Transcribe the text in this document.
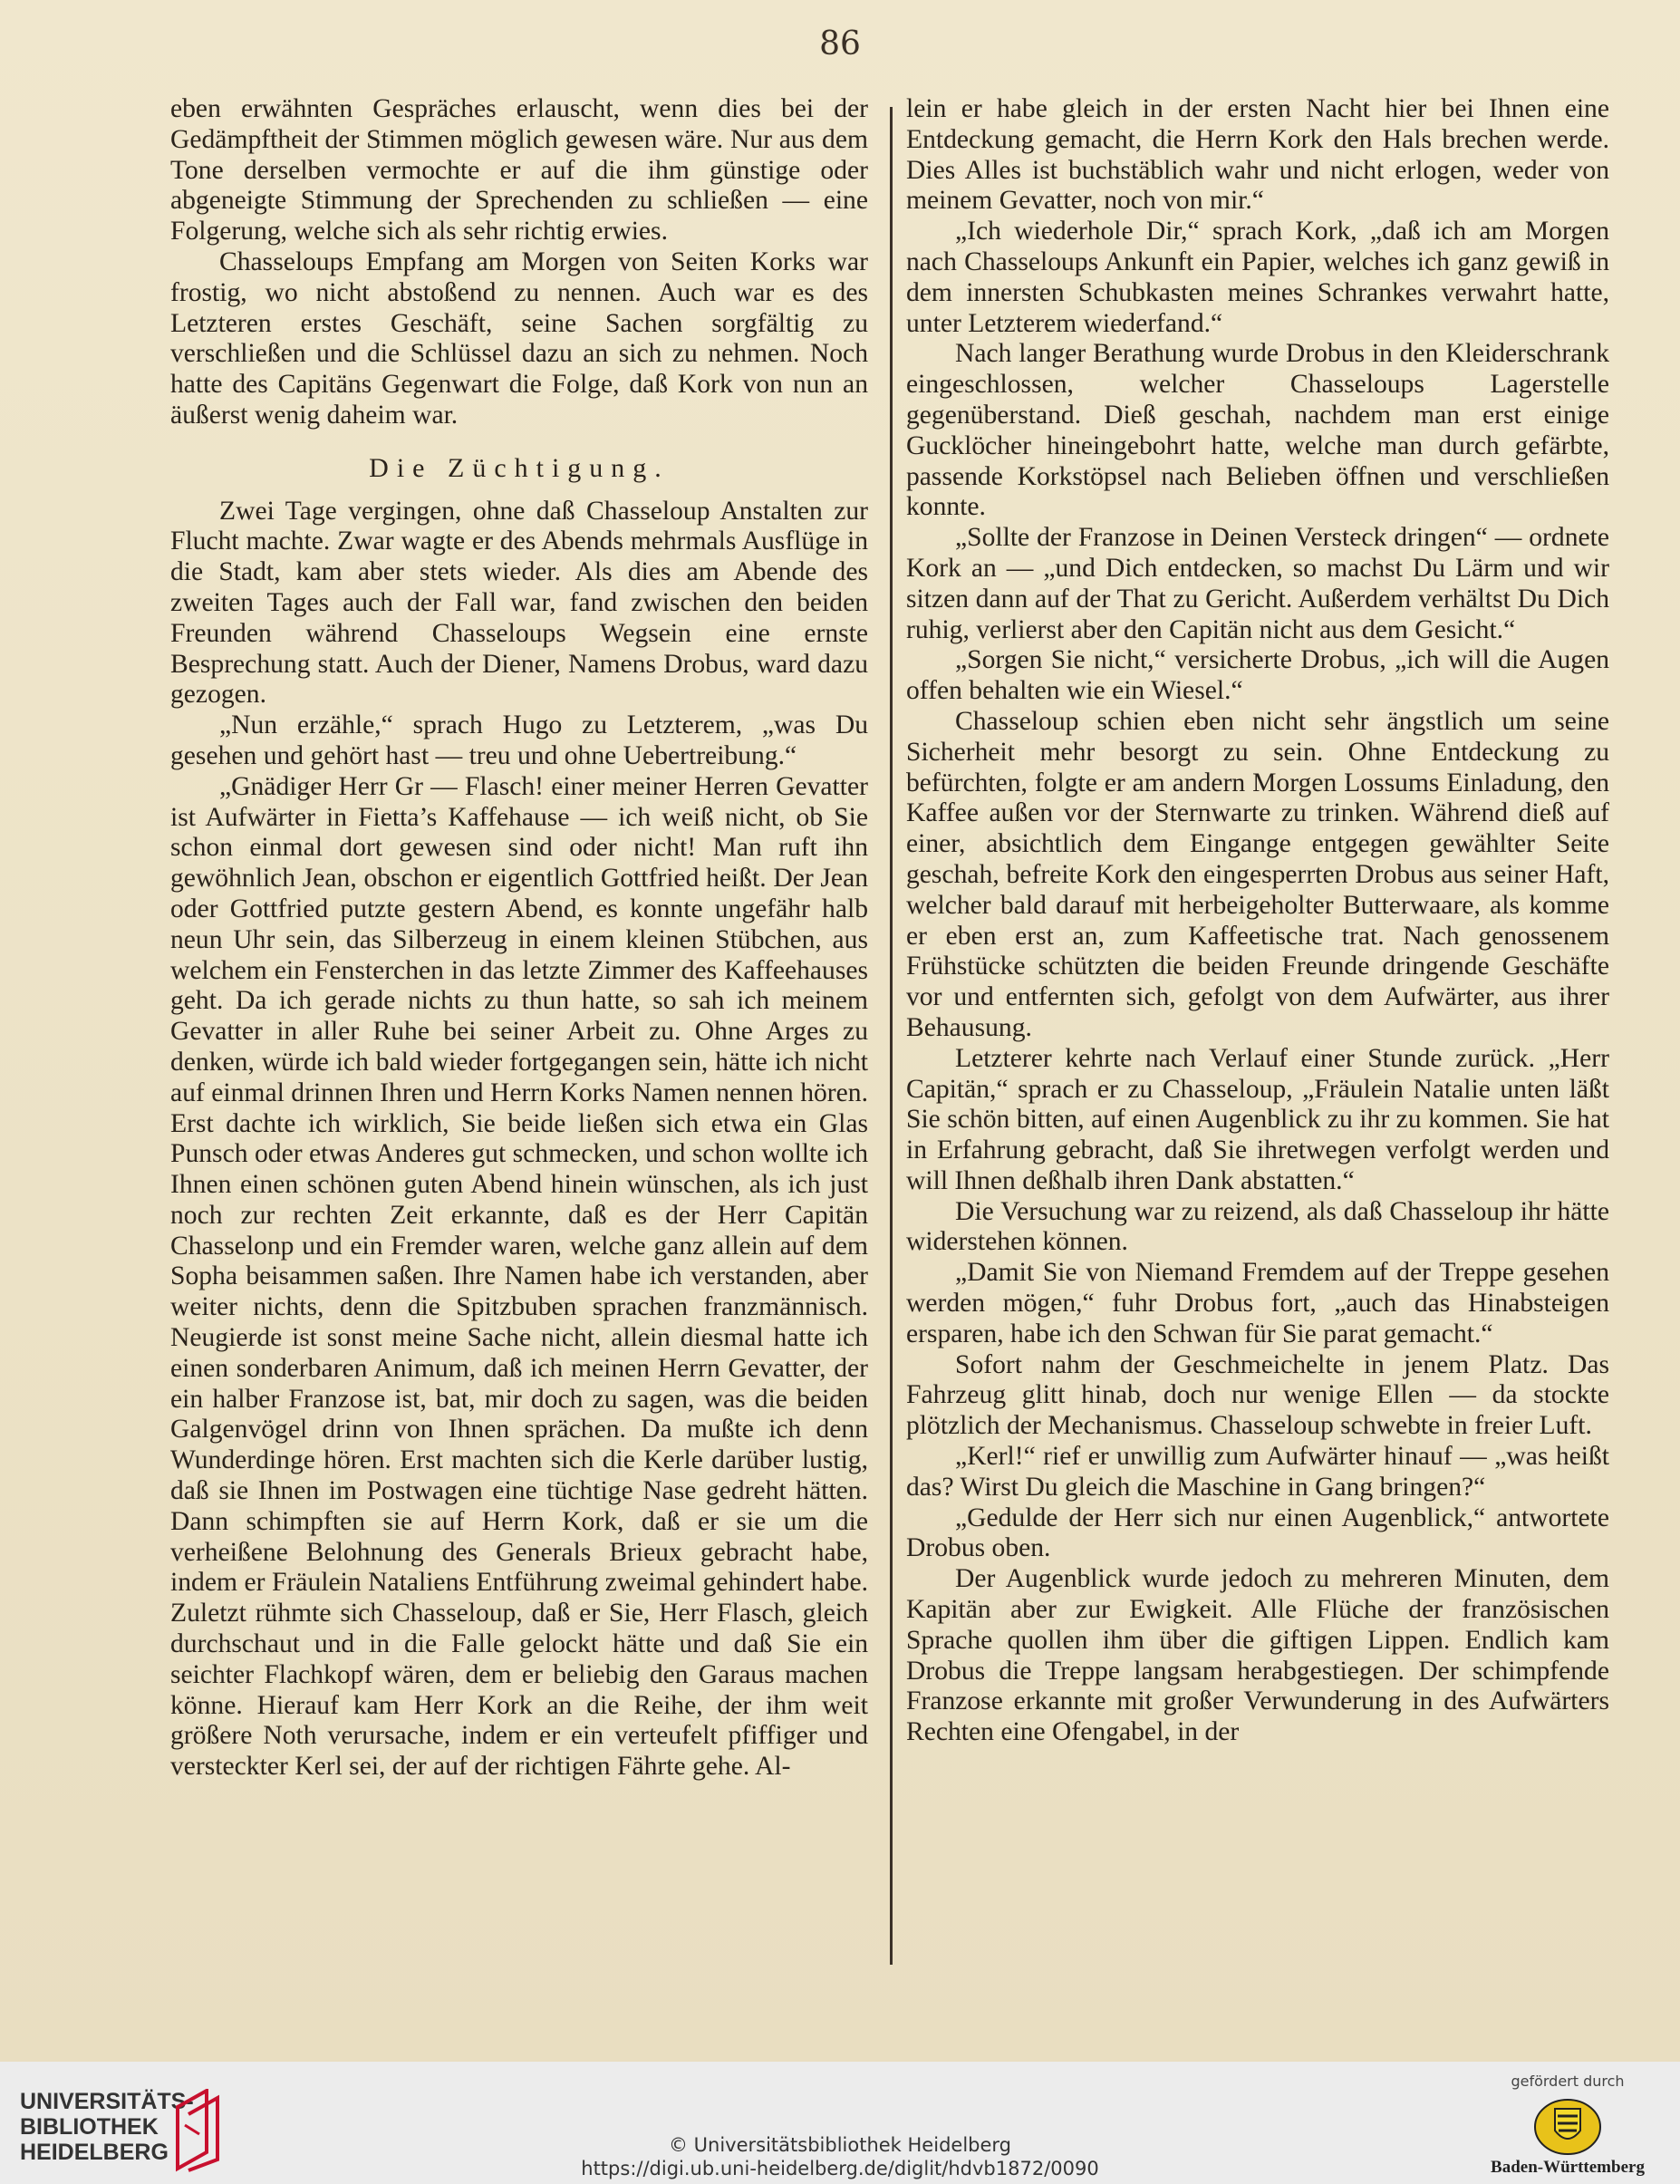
86

eben erwähnten Gespräches erlauscht, wenn dies bei der Gedämpftheit der Stimmen möglich gewesen wäre. Nur aus dem Tone derselben vermochte er auf die ihm günstige oder abgeneigte Stimmung der Sprechenden zu schließen — eine Folgerung, welche sich als sehr richtig erwies.

Chasseloups Empfang am Morgen von Seiten Korks war frostig, wo nicht abstoßend zu nennen. Auch war es des Letzteren erstes Geschäft, seine Sachen sorgfältig zu verschließen und die Schlüssel dazu an sich zu nehmen. Noch hatte des Capitäns Gegenwart die Folge, daß Kork von nun an äußerst wenig daheim war.

Die Züchtigung.

Zwei Tage vergingen, ohne daß Chasseloup Anstalten zur Flucht machte. Zwar wagte er des Abends mehrmals Ausflüge in die Stadt, kam aber stets wieder. Als dies am Abende des zweiten Tages auch der Fall war, fand zwischen den beiden Freunden während Chasseloups Wegsein eine ernste Besprechung statt. Auch der Diener, Namens Drobus, ward dazu gezogen.

„Nun erzähle,“ sprach Hugo zu Letzterem, „was Du gesehen und gehört hast — treu und ohne Uebertreibung.“

„Gnädiger Herr Gr — Flasch! einer meiner Herren Gevatter ist Aufwärter in Fietta’s Kaffehause — ich weiß nicht, ob Sie schon einmal dort gewesen sind oder nicht! Man ruft ihn gewöhnlich Jean, obschon er eigentlich Gottfried heißt. Der Jean oder Gottfried putzte gestern Abend, es konnte ungefähr halb neun Uhr sein, das Silberzeug in einem kleinen Stübchen, aus welchem ein Fensterchen in das letzte Zimmer des Kaffeehauses geht. Da ich gerade nichts zu thun hatte, so sah ich meinem Gevatter in aller Ruhe bei seiner Arbeit zu. Ohne Arges zu denken, würde ich bald wieder fortgegangen sein, hätte ich nicht auf einmal drinnen Ihren und Herrn Korks Namen nennen hören. Erst dachte ich wirklich, Sie beide ließen sich etwa ein Glas Punsch oder etwas Anderes gut schmecken, und schon wollte ich Ihnen einen schönen guten Abend hinein wünschen, als ich just noch zur rechten Zeit erkannte, daß es der Herr Capitän Chasselonp und ein Fremder waren, welche ganz allein auf dem Sopha beisammen saßen. Ihre Namen habe ich verstanden, aber weiter nichts, denn die Spitzbuben sprachen franzmännisch. Neugierde ist sonst meine Sache nicht, allein diesmal hatte ich einen sonderbaren Animum, daß ich meinen Herrn Gevatter, der ein halber Franzose ist, bat, mir doch zu sagen, was die beiden Galgenvögel drinn von Ihnen sprächen. Da mußte ich denn Wunderdinge hören. Erst machten sich die Kerle darüber lustig, daß sie Ihnen im Postwagen eine tüchtige Nase gedreht hätten. Dann schimpften sie auf Herrn Kork, daß er sie um die verheißene Belohnung des Generals Brieux gebracht habe, indem er Fräulein Nataliens Entführung zweimal gehindert habe. Zuletzt rühmte sich Chasseloup, daß er Sie, Herr Flasch, gleich durchschaut und in die Falle gelockt hätte und daß Sie ein seichter Flachkopf wären, dem er beliebig den Garaus machen könne. Hierauf kam Herr Kork an die Reihe, der ihm weit größere Noth verursache, indem er ein verteufelt pfiffiger und versteckter Kerl sei, der auf der richtigen Fährte gehe. Al-

lein er habe gleich in der ersten Nacht hier bei Ihnen eine Entdeckung gemacht, die Herrn Kork den Hals brechen werde. Dies Alles ist buchstäblich wahr und nicht erlogen, weder von meinem Gevatter, noch von mir.“

„Ich wiederhole Dir,“ sprach Kork, „daß ich am Morgen nach Chasseloups Ankunft ein Papier, welches ich ganz gewiß in dem innersten Schubkasten meines Schrankes verwahrt hatte, unter Letzterem wiederfand.“

Nach langer Berathung wurde Drobus in den Kleiderschrank eingeschlossen, welcher Chasseloups Lagerstelle gegenüberstand. Dieß geschah, nachdem man erst einige Gucklöcher hineingebohrt hatte, welche man durch gefärbte, passende Korkstöpsel nach Belieben öffnen und verschließen konnte.

„Sollte der Franzose in Deinen Versteck dringen“ — ordnete Kork an — „und Dich entdecken, so machst Du Lärm und wir sitzen dann auf der That zu Gericht. Außerdem verhältst Du Dich ruhig, verlierst aber den Capitän nicht aus dem Gesicht.“

„Sorgen Sie nicht,“ versicherte Drobus, „ich will die Augen offen behalten wie ein Wiesel.“

Chasseloup schien eben nicht sehr ängstlich um seine Sicherheit mehr besorgt zu sein. Ohne Entdeckung zu befürchten, folgte er am andern Morgen Lossums Einladung, den Kaffee außen vor der Sternwarte zu trinken. Während dieß auf einer, absichtlich dem Eingange entgegen gewählter Seite geschah, befreite Kork den eingesperrten Drobus aus seiner Haft, welcher bald darauf mit herbeigeholter Butterwaare, als komme er eben erst an, zum Kaffeetische trat. Nach genossenem Frühstücke schützten die beiden Freunde dringende Geschäfte vor und entfernten sich, gefolgt von dem Aufwärter, aus ihrer Behausung.

Letzterer kehrte nach Verlauf einer Stunde zurück. „Herr Capitän,“ sprach er zu Chasseloup, „Fräulein Natalie unten läßt Sie schön bitten, auf einen Augenblick zu ihr zu kommen. Sie hat in Erfahrung gebracht, daß Sie ihretwegen verfolgt werden und will Ihnen deßhalb ihren Dank abstatten.“

Die Versuchung war zu reizend, als daß Chasseloup ihr hätte widerstehen können.

„Damit Sie von Niemand Fremdem auf der Treppe gesehen werden mögen,“ fuhr Drobus fort, „auch das Hinabsteigen ersparen, habe ich den Schwan für Sie parat gemacht.“

Sofort nahm der Geschmeichelte in jenem Platz. Das Fahrzeug glitt hinab, doch nur wenige Ellen — da stockte plötzlich der Mechanismus. Chasseloup schwebte in freier Luft.

„Kerl!“ rief er unwillig zum Aufwärter hinauf — „was heißt das? Wirst Du gleich die Maschine in Gang bringen?“

„Gedulde der Herr sich nur einen Augenblick,“ antwortete Drobus oben.

Der Augenblick wurde jedoch zu mehreren Minuten, dem Kapitän aber zur Ewigkeit. Alle Flüche der französischen Sprache quollen ihm über die giftigen Lippen. Endlich kam Drobus die Treppe langsam herabgestiegen. Der schimpfende Franzose erkannte mit großer Verwunderung in des Aufwärters Rechten eine Ofengabel, in der

UNIVERSITÄTS-
BIBLIOTHEK
HEIDELBERG	© Universitätsbibliothek Heidelberg
https://digi.ub.uni-heidelberg.de/diglit/hdvb1872/0090
gefördert durch
Baden-Württemberg
